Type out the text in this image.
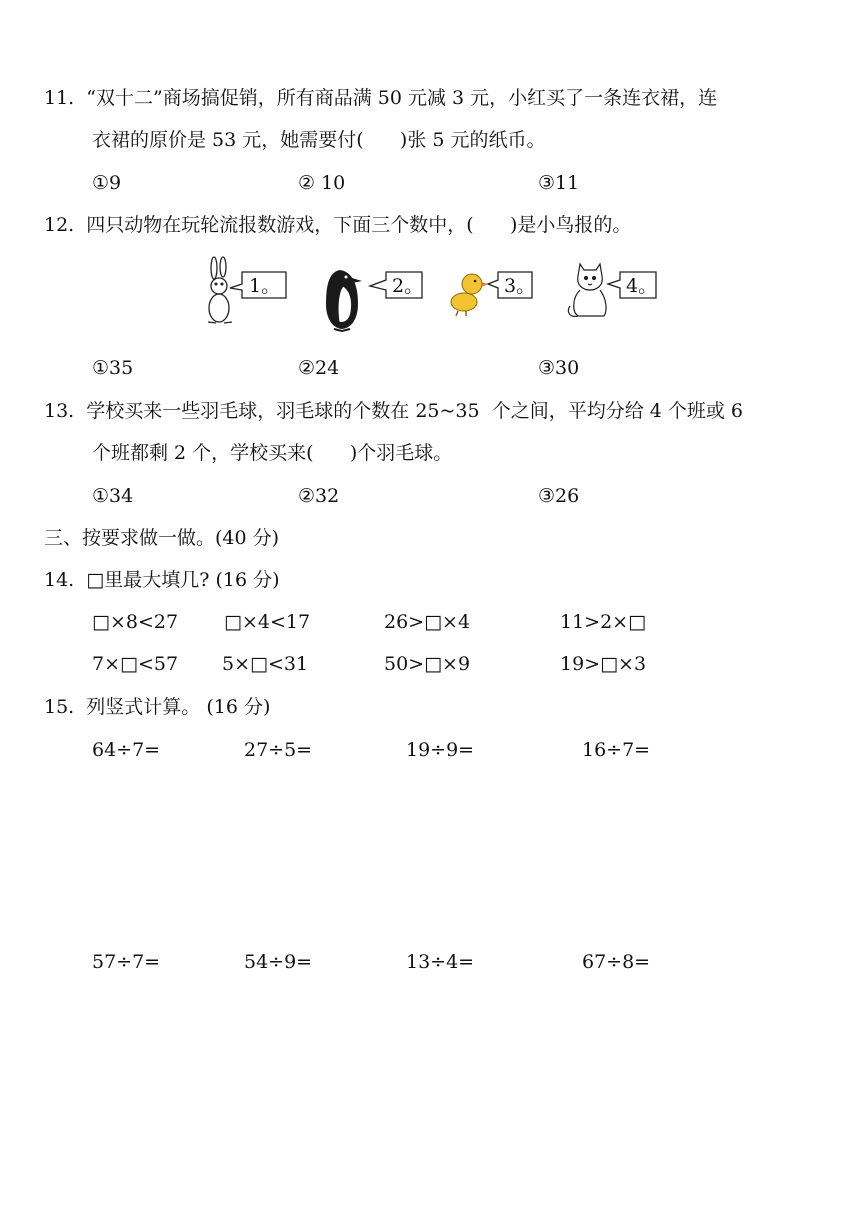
11.  “双十二”商场搞促销，所有商品满 50 元减 3 元，小红买了一条连衣裙，连
衣裙的原价是 53 元，她需要付(      )张 5 元的纸币。
①9	② 10	③11
12.  四只动物在玩轮流报数游戏，下面三个数中，(      )是小鸟报的。
1。	2。	3。	4。
①35	②24	③30
13.  学校买来一些羽毛球，羽毛球的个数在 25~35  个之间，平均分给 4 个班或 6
个班都剩 2 个，学校买来(      )个羽毛球。
①34	②32	③26
三、按要求做一做。(40 分)
14.  □里最大填几? (16 分)
□×8<27 □×4<17	26>□×4	11>2×□
7×□<57 5×□<31	50>□×9	19>□×3
15.  列竖式计算。 (16 分)
64÷7=	27÷5=	19÷9=	16÷7=
57÷7=	54÷9=	13÷4=	67÷8=
